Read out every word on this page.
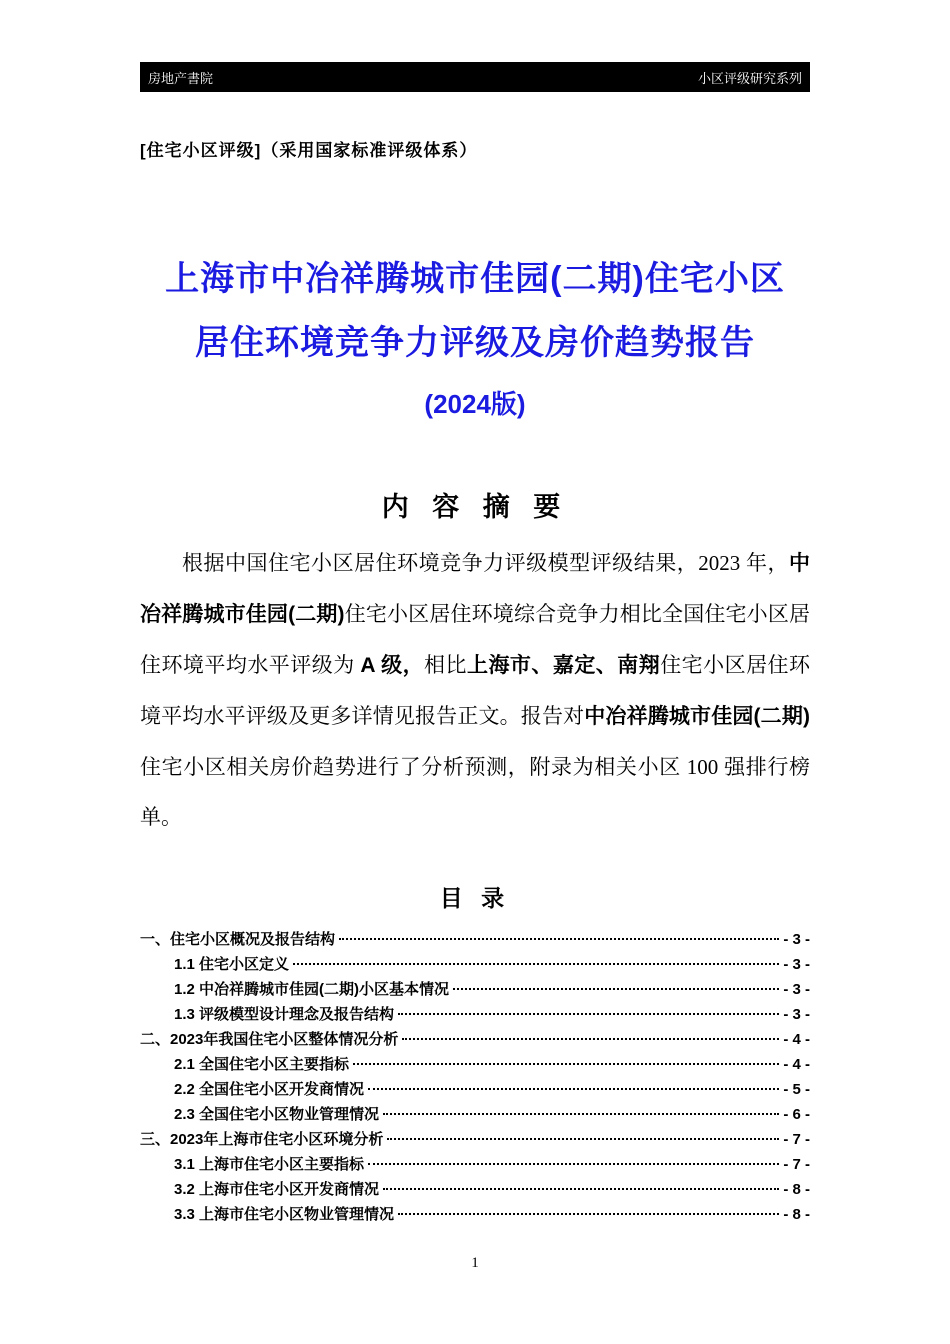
房地产書院	小区评级研究系列
[住宅小区评级]（采用国家标准评级体系）
上海市中冶祥腾城市佳园(二期)住宅小区
居住环境竞争力评级及房价趋势报告
(2024版)
内 容 摘 要
根据中国住宅小区居住环境竞争力评级模型评级结果，2023 年，中冶祥腾城市佳园(二期)住宅小区居住环境综合竞争力相比全国住宅小区居住环境平均水平评级为 A 级，相比上海市、嘉定、南翔住宅小区居住环境平均水平评级及更多详情见报告正文。报告对中冶祥腾城市佳园(二期)住宅小区相关房价趋势进行了分析预测，附录为相关小区 100 强排行榜单。
目 录
一、住宅小区概况及报告结构	- 3 -
1.1 住宅小区定义	- 3 -
1.2 中冶祥腾城市佳园(二期)小区基本情况	- 3 -
1.3 评级模型设计理念及报告结构	- 3 -
二、2023年我国住宅小区整体情况分析	- 4 -
2.1 全国住宅小区主要指标	- 4 -
2.2 全国住宅小区开发商情况	- 5 -
2.3 全国住宅小区物业管理情况	- 6 -
三、2023年上海市住宅小区环境分析	- 7 -
3.1 上海市住宅小区主要指标	- 7 -
3.2 上海市住宅小区开发商情况	- 8 -
3.3 上海市住宅小区物业管理情况	- 8 -
1
